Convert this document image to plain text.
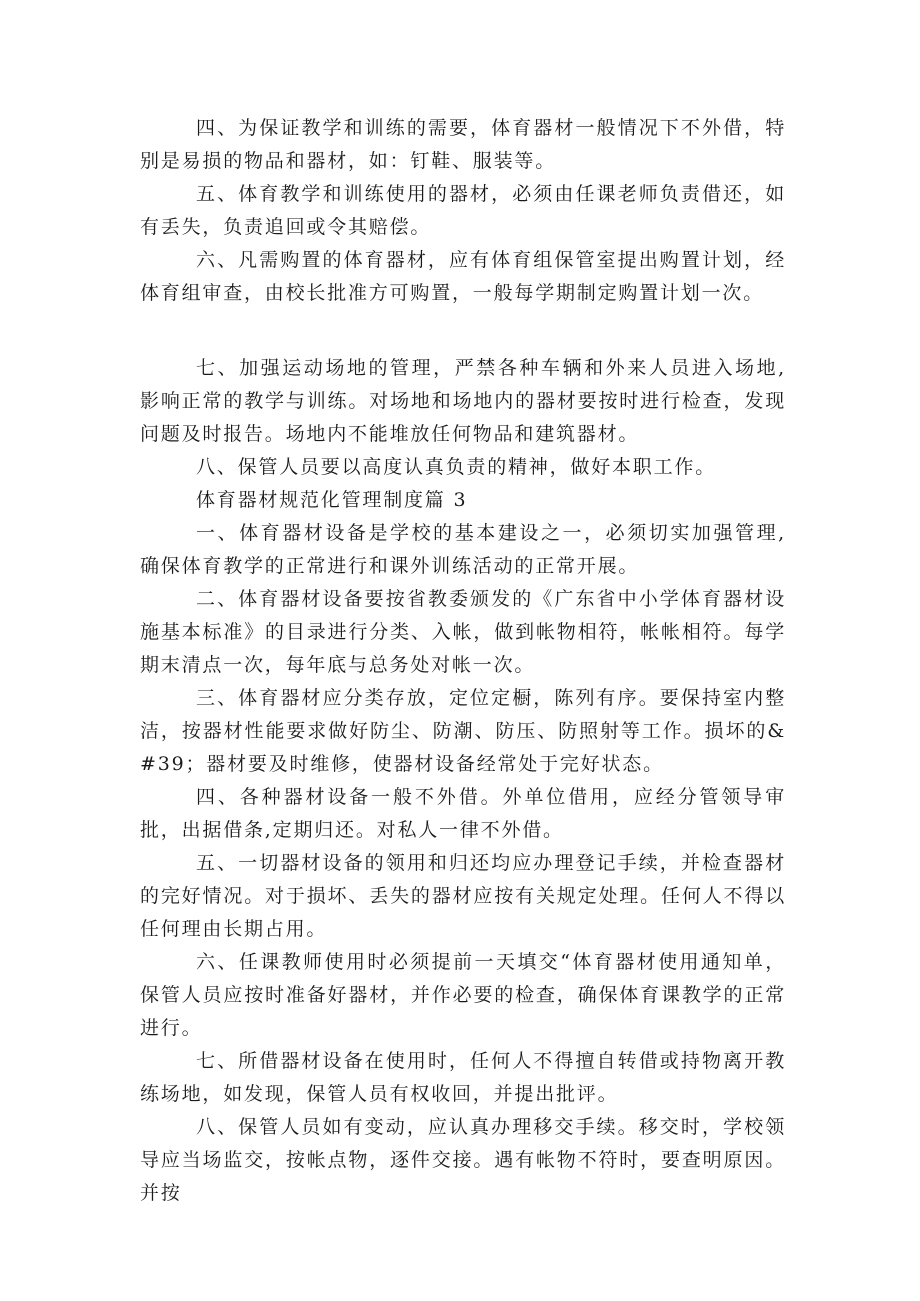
四、为保证教学和训练的需要，体育器材一般情况下不外借，特别是易损的物品和器材，如：钉鞋、服装等。

五、体育教学和训练使用的器材，必须由任课老师负责借还，如有丢失，负责追回或令其赔偿。

六、凡需购置的体育器材，应有体育组保管室提出购置计划，经体育组审查，由校长批准方可购置，一般每学期制定购置计划一次。

七、加强运动场地的管理，严禁各种车辆和外来人员进入场地,影响正常的教学与训练。对场地和场地内的器材要按时进行检查，发现问题及时报告。场地内不能堆放任何物品和建筑器材。

八、保管人员要以高度认真负责的精神，做好本职工作。

体育器材规范化管理制度篇 3

一、体育器材设备是学校的基本建设之一，必须切实加强管理,确保体育教学的正常进行和课外训练活动的正常开展。

二、体育器材设备要按省教委颁发的《广东省中小学体育器材设施基本标准》的目录进行分类、入帐，做到帐物相符，帐帐相符。每学期末清点一次，每年底与总务处对帐一次。

三、体育器材应分类存放，定位定橱，陈列有序。要保持室内整洁，按器材性能要求做好防尘、防潮、防压、防照射等工作。损坏的&#39；器材要及时维修，使器材设备经常处于完好状态。

四、各种器材设备一般不外借。外单位借用，应经分管领导审批，出据借条,定期归还。对私人一律不外借。

五、一切器材设备的领用和归还均应办理登记手续，并检查器材的完好情况。对于损坏、丢失的器材应按有关规定处理。任何人不得以任何理由长期占用。

六、任课教师使用时必须提前一天填交“体育器材使用通知单，保管人员应按时准备好器材，并作必要的检查，确保体育课教学的正常进行。

七、所借器材设备在使用时，任何人不得擅自转借或持物离开教练场地，如发现，保管人员有权收回，并提出批评。

八、保管人员如有变动，应认真办理移交手续。移交时，学校领导应当场监交，按帐点物，逐件交接。遇有帐物不符时，要查明原因。并按
